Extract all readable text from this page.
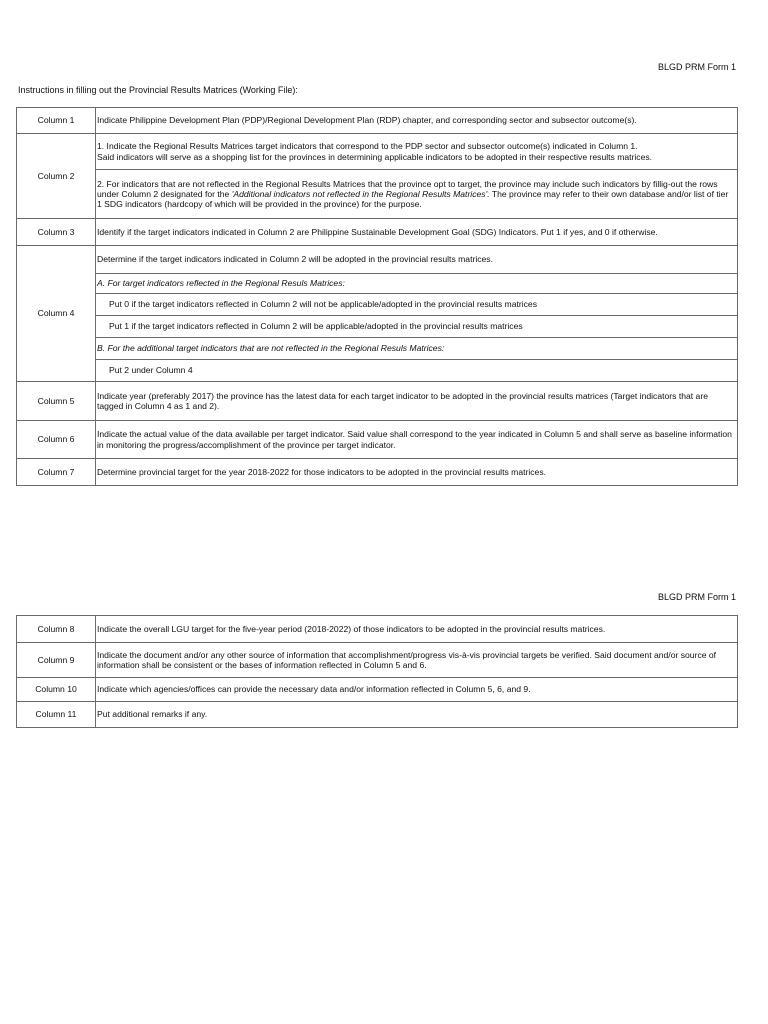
BLGD PRM Form 1
Instructions in filling out the Provincial Results Matrices (Working File):
Column 1	Indicate Philippine Development Plan (PDP)/Regional Development Plan (RDP) chapter, and corresponding sector and subsector outcome(s).
Column 2	1. Indicate the Regional Results Matrices target indicators that correspond to the PDP sector and subsector outcome(s) indicated in Column 1.
Said indicators will serve as a shopping list for the provinces in determining applicable indicators to be adopted in their respective results matrices.

	2. For indicators that are not reflected in the Regional Results Matrices that the province opt to target, the province may include such indicators by fillig-out the rows under Column 2 designated for the 'Additional indicators not reflected in the Regional Results Matrices'. The province may refer to their own database and/or list of tier 1 SDG indicators (hardcopy of which will be provided in the province) for the purpose.
Column 3	Identify if the target indicators indicated in Column 2 are Philippine Sustainable Development Goal (SDG) Indicators. Put 1 if yes, and 0 if otherwise.
Column 4	Determine if the target indicators indicated in Column 2 will be adopted in the provincial results matrices.
	A. For target indicators reflected in the Regional Resuls Matrices:
	Put 0 if the target indicators reflected in Column 2 will not be applicable/adopted in the provincial results matrices
	Put 1 if the target indicators reflected in Column 2 will be applicable/adopted in the provincial results matrices
	B. For the additional target indicators that are not reflected in the Regional Resuls Matrices:
	Put 2 under Column 4
Column 5	Indicate year (preferably 2017) the province has the latest data for each target indicator to be adopted in the provincial results matrices (Target indicators that are tagged in Column 4 as 1 and 2).
Column 6	Indicate the actual value of the data available per target indicator. Said value shall correspond to the year indicated in Column 5 and shall serve as baseline information in monitoring the progress/accomplishment of the province per target indicator.
Column 7	Determine provincial target for the year 2018-2022 for those indicators to be adopted in the provincial results matrices.
BLGD PRM Form 1
Column 8	Indicate the overall LGU target for the five-year period (2018-2022) of those indicators to be adopted in the provincial results matrices.
Column 9	Indicate the document and/or any other source of information that accomplishment/progress vis-à-vis provincial targets be verified. Said document and/or source of information shall be consistent or the bases of information reflected in Column 5 and 6.
Column 10	Indicate which agencies/offices can provide the necessary data and/or information reflected in Column 5, 6, and 9.
Column 11	Put additional remarks if any.
